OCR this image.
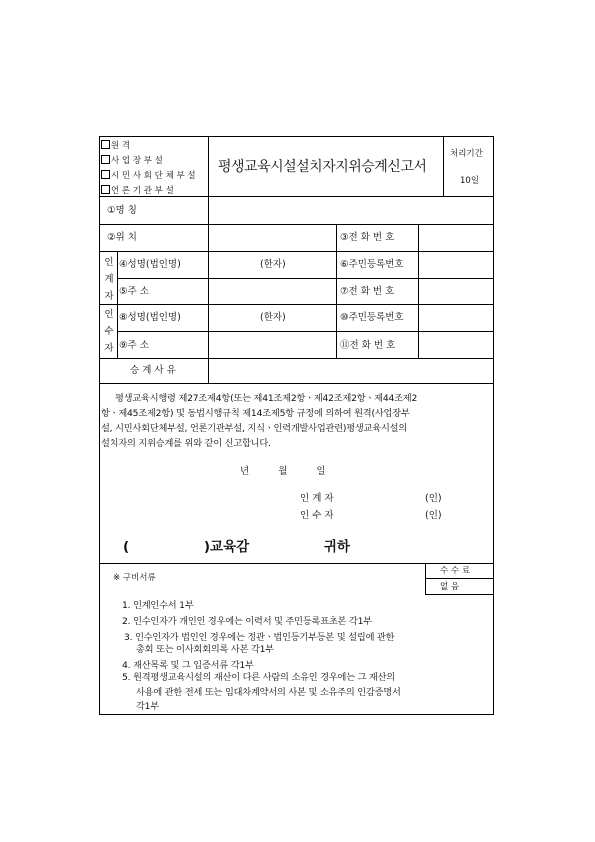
원 격
사 업 장 부 설
시 민 사 회 단 체 부 설
언 론 기 관 부 설
평생교육시설설치자지위승계신고서
처리기간
10일
①명 칭
②위 치	③전 화 번 호
인계자
④성명(법인명)	(한자)	⑥주민등록번호
⑤주 소	⑦전 화 번 호
인수자
⑧성명(법인명)	(한자)	⑩주민등록번호
⑨주 소	⑪전 화 번 호
승 계 사 유
평생교육시행령 제27조제4항(또는 제41조제2항ㆍ제42조제2항ㆍ제44조제2
항ㆍ제45조제2항) 및 동법시행규칙 제14조제5항 규정에 의하여 원격(사업장부
설, 시민사회단체부설, 언론기관부설, 지식ㆍ인력개발사업관련)평생교육시설의
설치자의 지위승계를 위와 같이 신고합니다.
년 월 일
인 계 자	(인)
인 수 자	(인)
( )교육감 귀하
수 수 료
없 음
※ 구비서류
1. 인계인수서 1부
2. 인수인자가 개인인 경우에는 이력서 및 주민등록표초본 각1부
3. 인수인자가 법인인 경우에는 정관ㆍ법인등기부등본 및 설립에 관한
총회 또는 이사회회의록 사본 각1부
4. 재산목록 및 그 입증서류 각1부
5. 원격평생교육시설의 재산이 다른 사람의 소유인 경우에는 그 재산의
사용에 관한 전세 또는 임대차계약서의 사본 및 소유주의 인감증명서
각1부
